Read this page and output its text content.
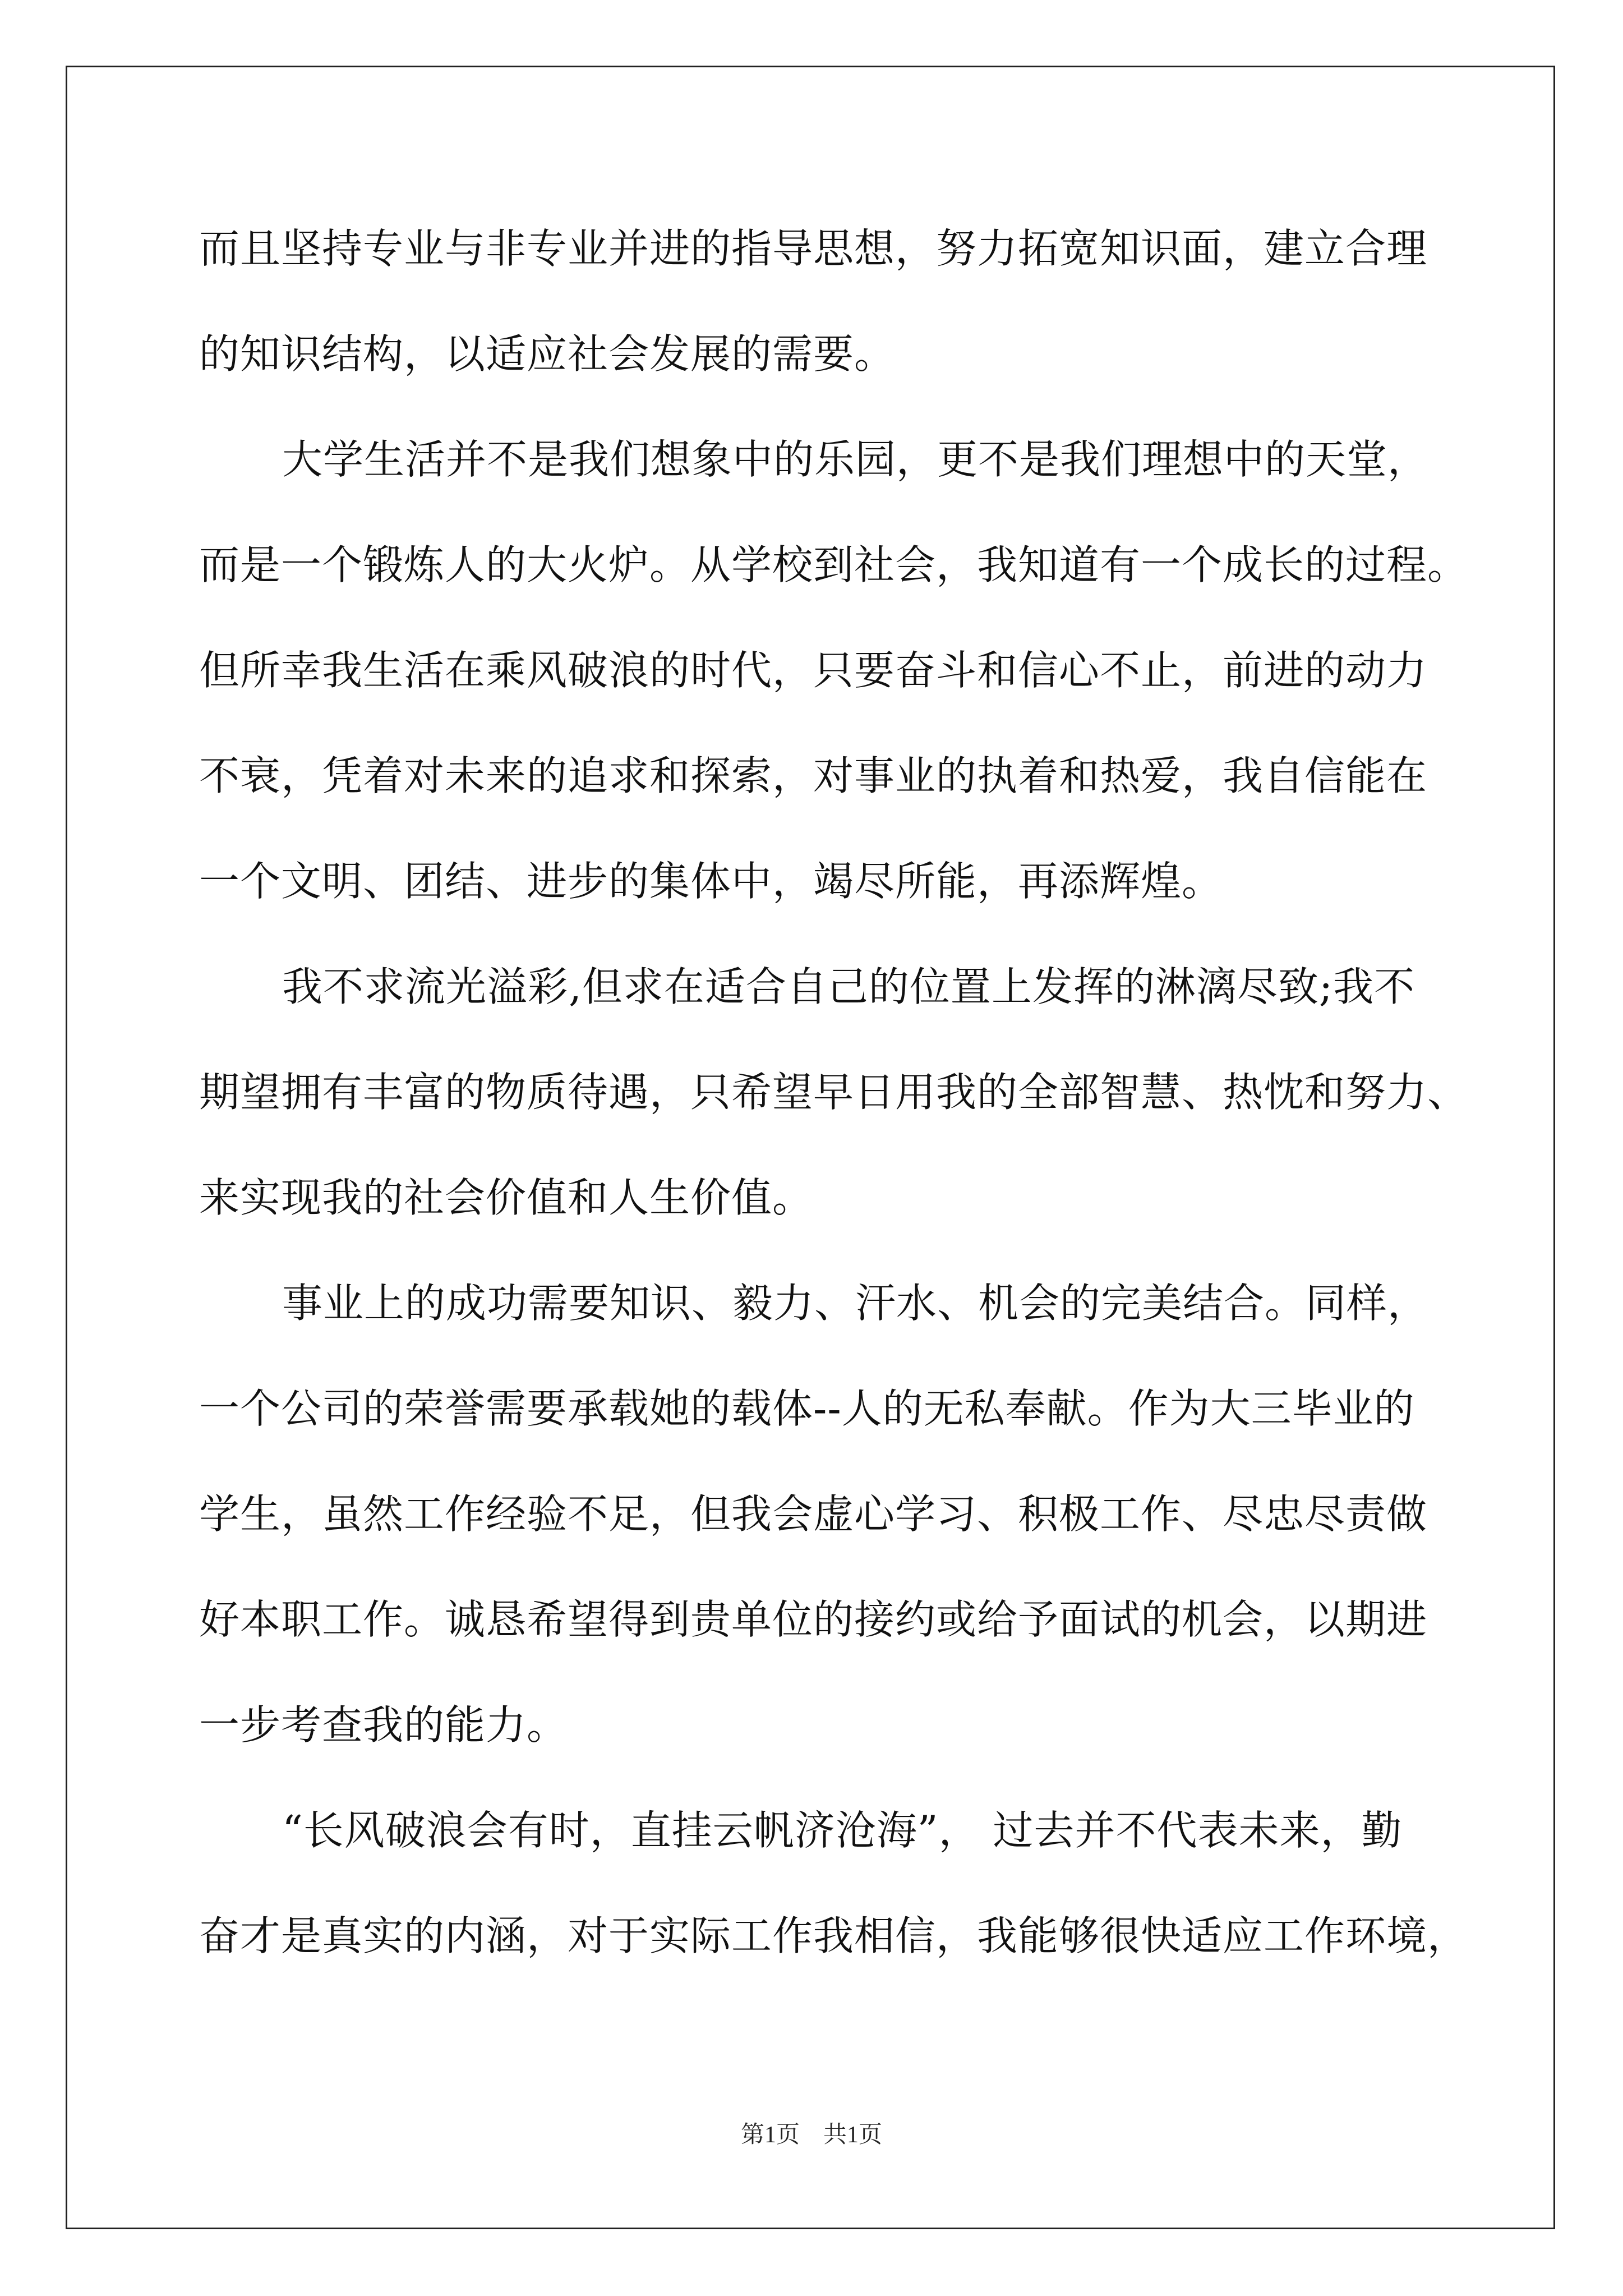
而且坚持专业与非专业并进的指导思想，努力拓宽知识面，建立合理
的知识结构，以适应社会发展的需要。
大学生活并不是我们想象中的乐园，更不是我们理想中的天堂，
而是一个锻炼人的大火炉。从学校到社会，我知道有一个成长的过程。
但所幸我生活在乘风破浪的时代，只要奋斗和信心不止，前进的动力
不衰，凭着对未来的追求和探索，对事业的执着和热爱，我自信能在
一个文明、团结、进步的集体中，竭尽所能，再添辉煌。
我不求流光溢彩,但求在适合自己的位置上发挥的淋漓尽致;我不
期望拥有丰富的物质待遇，只希望早日用我的全部智慧、热忱和努力、
来实现我的社会价值和人生价值。
事业上的成功需要知识、毅力、汗水、机会的完美结合。同样，
一个公司的荣誉需要承载她的载体--人的无私奉献。作为大三毕业的
学生，虽然工作经验不足，但我会虚心学习、积极工作、尽忠尽责做
好本职工作。诚恳希望得到贵单位的接约或给予面试的机会，以期进
一步考查我的能力。
“长风破浪会有时，直挂云帆济沧海”， 过去并不代表未来，勤
奋才是真实的内涵，对于实际工作我相信，我能够很快适应工作环境，
第1页　共1页
